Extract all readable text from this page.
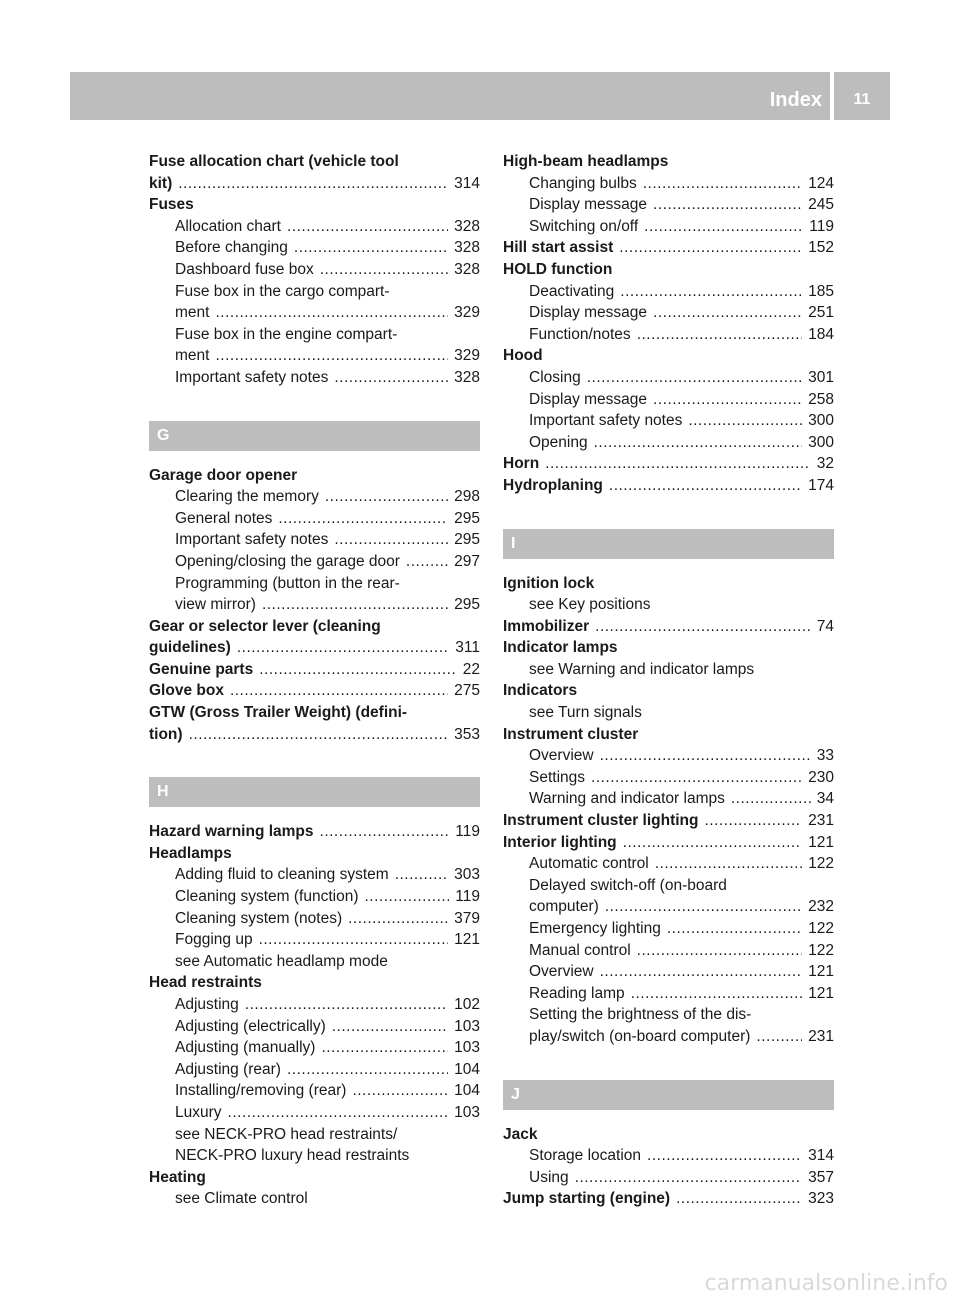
Index	11
Fuse allocation chart (vehicle tool
kit) .....	314
Fuses
Allocation chart .....	328
Before changing .....	328
Dashboard fuse box .....	328
Fuse box in the cargo compart-
ment .....	329
Fuse box in the engine compart-
ment .....	329
Important safety notes .....	328
G
Garage door opener
Clearing the memory .....	298
General notes .....	295
Important safety notes .....	295
Opening/closing the garage door .....	297
Programming (button in the rear-
view mirror) .....	295
Gear or selector lever (cleaning
guidelines) .....	311
Genuine parts .....	22
Glove box .....	275
GTW (Gross Trailer Weight) (defini-
tion) .....	353
H
Hazard warning lamps .....	119
Headlamps
Adding fluid to cleaning system .....	303
Cleaning system (function) .....	119
Cleaning system (notes) .....	379
Fogging up .....	121
see Automatic headlamp mode
Head restraints
Adjusting .....	102
Adjusting (electrically) .....	103
Adjusting (manually) .....	103
Adjusting (rear) .....	104
Installing/removing (rear) .....	104
Luxury .....	103
see NECK-PRO head restraints/
NECK-PRO luxury head restraints
Heating
see Climate control
High-beam headlamps
Changing bulbs .....	124
Display message .....	245
Switching on/off .....	119
Hill start assist .....	152
HOLD function
Deactivating .....	185
Display message .....	251
Function/notes .....	184
Hood
Closing .....	301
Display message .....	258
Important safety notes .....	300
Opening .....	300
Horn .....	32
Hydroplaning .....	174
I
Ignition lock
see Key positions
Immobilizer .....	74
Indicator lamps
see Warning and indicator lamps
Indicators
see Turn signals
Instrument cluster
Overview .....	33
Settings .....	230
Warning and indicator lamps .....	34
Instrument cluster lighting .....	231
Interior lighting .....	121
Automatic control .....	122
Delayed switch-off (on-board
computer) .....	232
Emergency lighting .....	122
Manual control .....	122
Overview .....	121
Reading lamp .....	121
Setting the brightness of the dis-
play/switch (on-board computer) .....	231
J
Jack
Storage location .....	314
Using .....	357
Jump starting (engine) .....	323
carmanualsonline.info
